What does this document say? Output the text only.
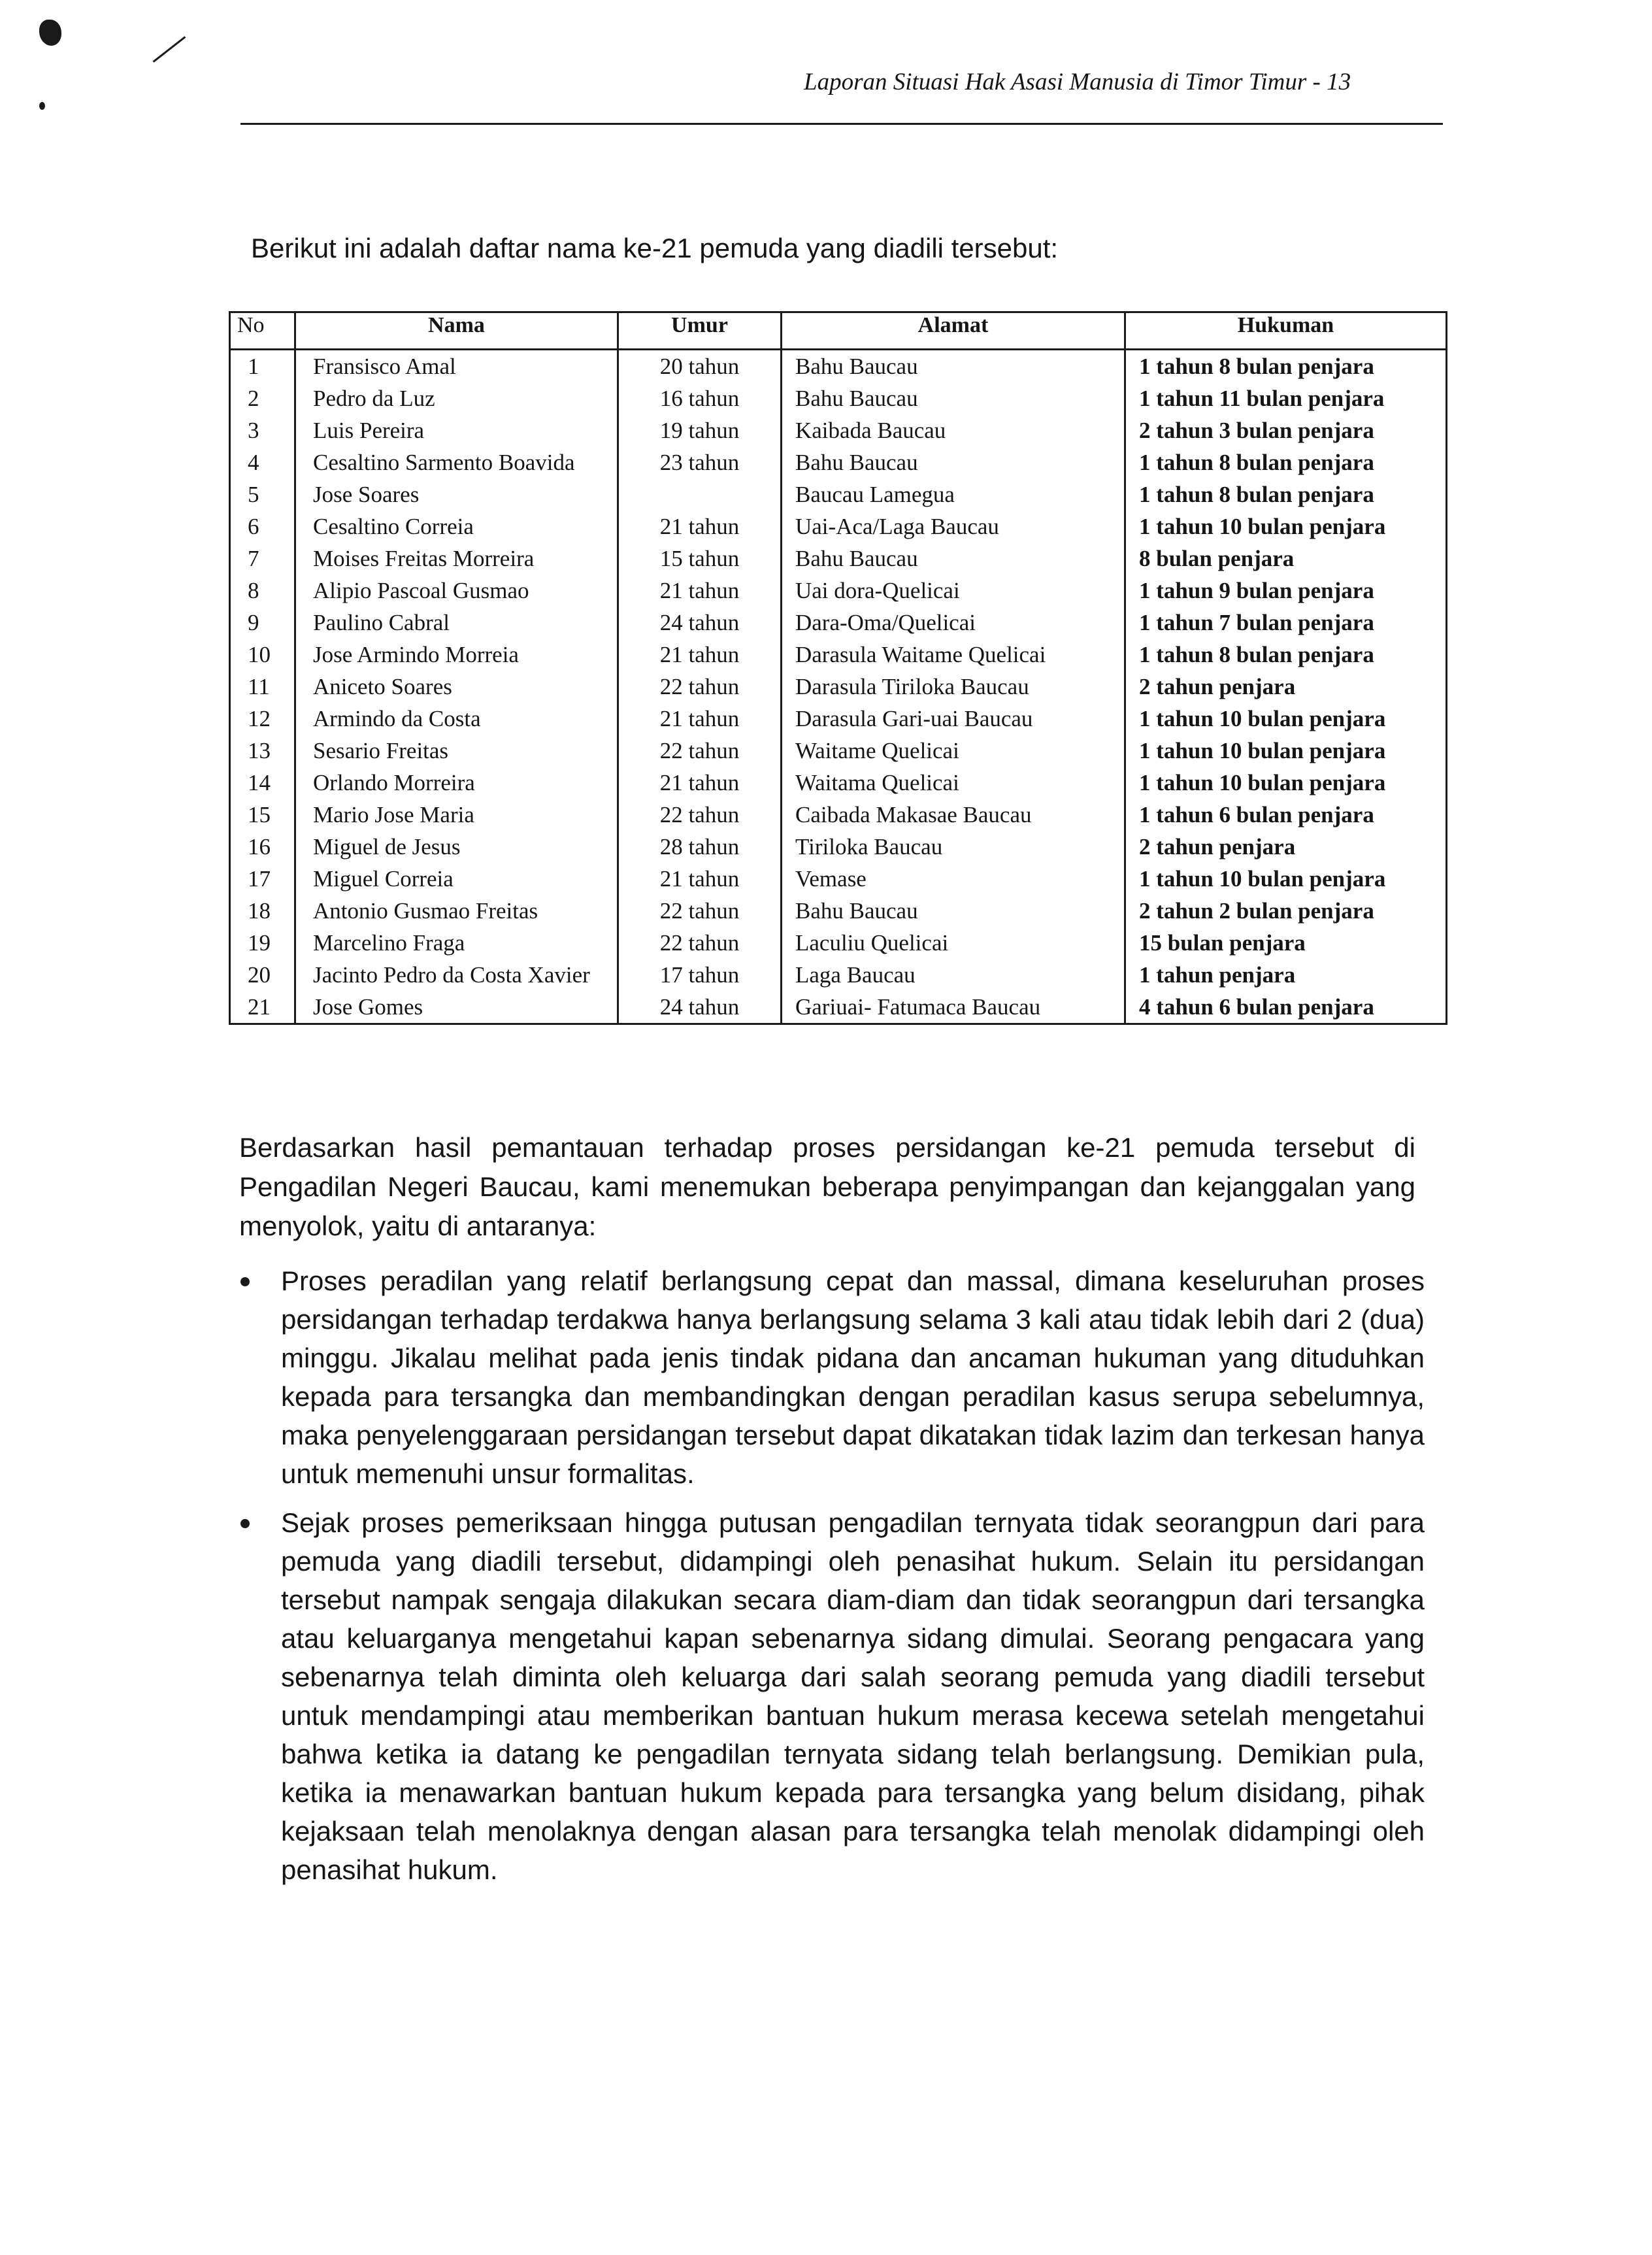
Laporan Situasi Hak Asasi Manusia di Timor Timur - 13
Berikut ini adalah daftar nama ke-21 pemuda yang diadili tersebut:
No	Nama	Umur	Alamat	Hukuman
1	Fransisco Amal	20 tahun	Bahu Baucau	1 tahun 8 bulan penjara
2	Pedro da Luz	16 tahun	Bahu Baucau	1 tahun 11 bulan penjara
3	Luis Pereira	19 tahun	Kaibada Baucau	2 tahun 3 bulan penjara
4	Cesaltino Sarmento Boavida	23 tahun	Bahu Baucau	1 tahun 8 bulan penjara
5	Jose Soares		Baucau Lamegua	1 tahun 8 bulan penjara
6	Cesaltino Correia	21 tahun	Uai-Aca/Laga Baucau	1 tahun 10 bulan penjara
7	Moises Freitas Morreira	15 tahun	Bahu Baucau	8 bulan penjara
8	Alipio Pascoal Gusmao	21 tahun	Uai dora-Quelicai	1 tahun 9 bulan penjara
9	Paulino Cabral	24 tahun	Dara-Oma/Quelicai	1 tahun 7 bulan penjara
10	Jose Armindo Morreia	21 tahun	Darasula Waitame Quelicai	1 tahun 8 bulan penjara
11	Aniceto Soares	22 tahun	Darasula Tiriloka Baucau	2 tahun penjara
12	Armindo da Costa	21 tahun	Darasula Gari-uai Baucau	1 tahun 10 bulan penjara
13	Sesario Freitas	22 tahun	Waitame Quelicai	1 tahun 10 bulan penjara
14	Orlando Morreira	21 tahun	Waitama Quelicai	1 tahun 10 bulan penjara
15	Mario Jose Maria	22 tahun	Caibada Makasae Baucau	1 tahun 6 bulan penjara
16	Miguel de Jesus	28 tahun	Tiriloka Baucau	2 tahun penjara
17	Miguel Correia	21 tahun	Vemase	1 tahun 10 bulan penjara
18	Antonio Gusmao Freitas	22 tahun	Bahu Baucau	2 tahun 2 bulan penjara
19	Marcelino Fraga	22 tahun	Laculiu Quelicai	15 bulan penjara
20	Jacinto Pedro da Costa Xavier	17 tahun	Laga Baucau	1 tahun penjara
21	Jose Gomes	24 tahun	Gariuai- Fatumaca Baucau	4 tahun 6 bulan penjara
Berdasarkan hasil pemantauan terhadap proses persidangan ke-21 pemuda tersebut di Pengadilan Negeri Baucau, kami menemukan beberapa penyimpangan dan kejanggalan yang menyolok, yaitu di antaranya:
Proses peradilan yang relatif berlangsung cepat dan massal, dimana keseluruhan proses persidangan terhadap terdakwa hanya berlangsung selama 3 kali atau tidak lebih dari 2 (dua) minggu. Jikalau melihat pada jenis tindak pidana dan ancaman hukuman yang dituduhkan kepada para tersangka dan membandingkan dengan peradilan kasus serupa sebelumnya, maka penyelenggaraan persidangan tersebut dapat dikatakan tidak lazim dan terkesan hanya untuk memenuhi unsur formalitas.
Sejak proses pemeriksaan hingga putusan pengadilan ternyata tidak seorangpun dari para pemuda yang diadili tersebut, didampingi oleh penasihat hukum. Selain itu persidangan tersebut nampak sengaja dilakukan secara diam-diam dan tidak seorangpun dari tersangka atau keluarganya mengetahui kapan sebenarnya sidang dimulai. Seorang pengacara yang sebenarnya telah diminta oleh keluarga dari salah seorang pemuda yang diadili tersebut untuk mendampingi atau memberikan bantuan hukum merasa kecewa setelah mengetahui bahwa ketika ia datang ke pengadilan ternyata sidang telah berlangsung. Demikian pula, ketika ia menawarkan bantuan hukum kepada para tersangka yang belum disidang, pihak kejaksaan telah menolaknya dengan alasan para tersangka telah menolak didampingi oleh penasihat hukum.
